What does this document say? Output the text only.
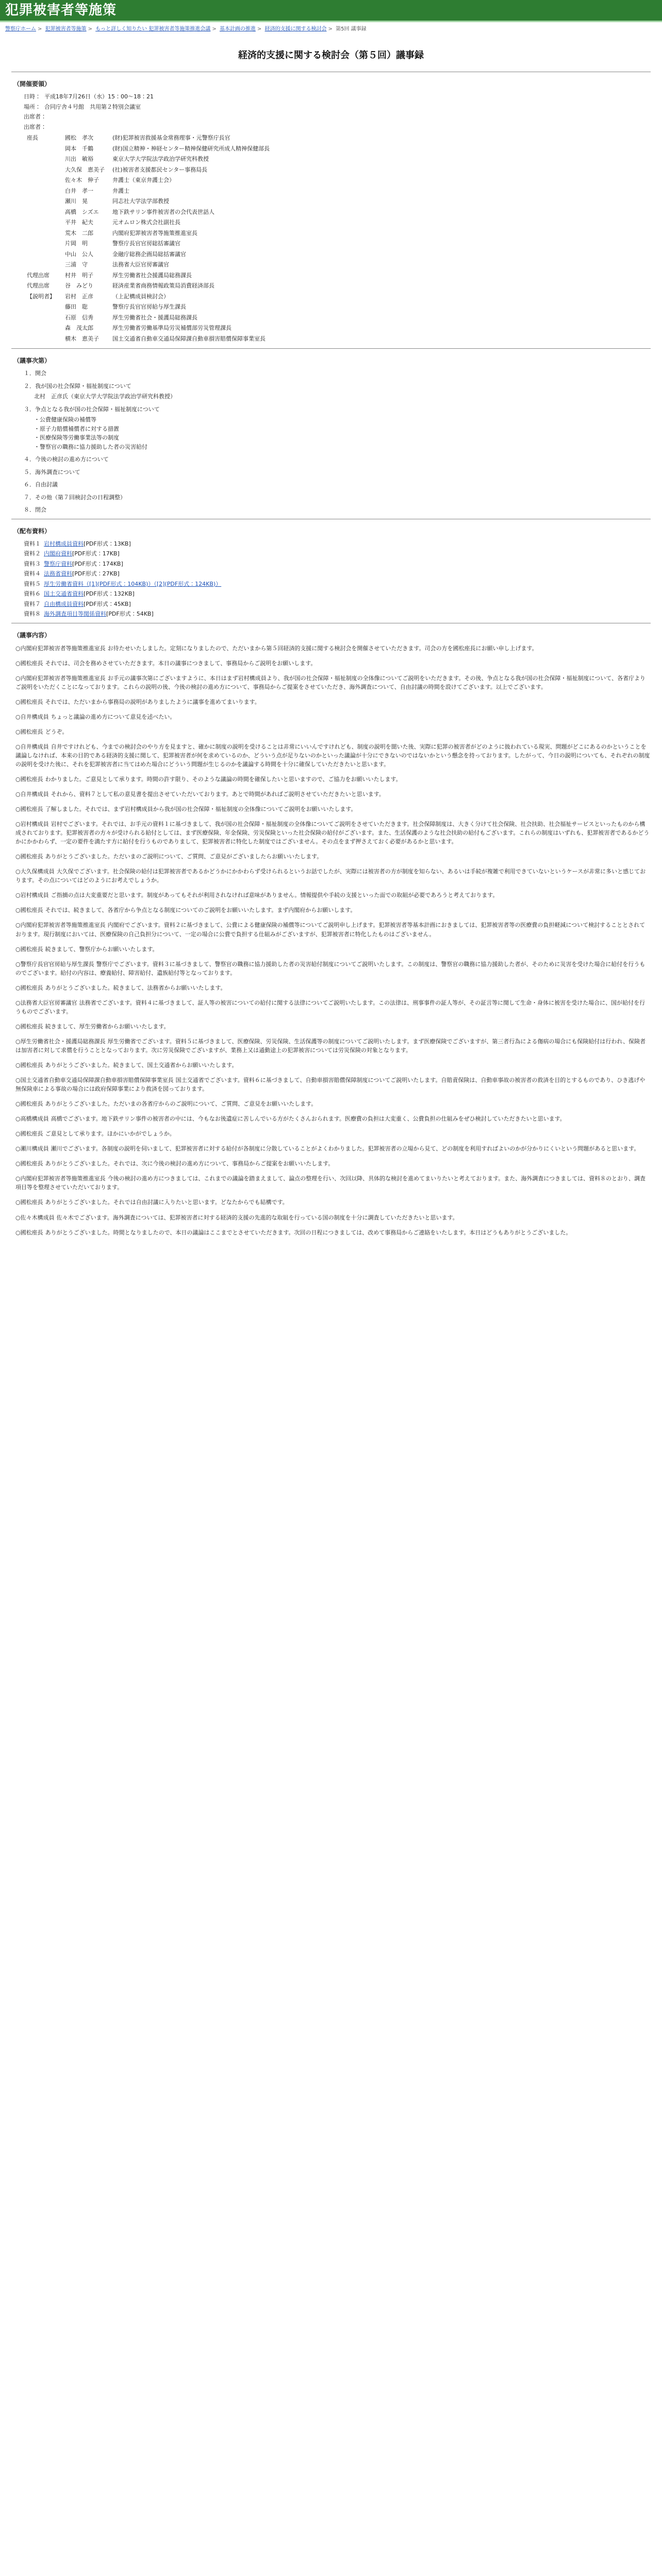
犯罪被害者等施策
警察庁ホーム > 犯罪被害者等施策 > もっと詳しく知りたい 犯罪被害者等施策推進会議 > 基本計画の推進 > 経済的支援に関する検討会 > 第5回 議事録
経済的支援に関する検討会（第５回）議事録
（開催要領）
日時： 平成18年7月26日（水）15：00〜18：21
場所： 合同庁舎４号館　共用第２特別会議室
出席者：
出席者：
座長	國松　孝次	(財)犯罪被害救援基金常務理事・元警察庁長官
	岡本　千鶴	(財)国立精神・神経センター精神保健研究所成人精神保健部長
	川出　敏裕	東京大学大学院法学政治学研究科教授
	大久保　恵美子	(社)被害者支援都民センター事務局長
	佐々木　伸子	弁護士（東京弁護士会）
	白井　孝一	弁護士
	瀬川　晃	同志社大学法学部教授
	高橋　シズエ	地下鉄サリン事件被害者の会代表世話人
	平井　紀夫	元オムロン株式会社副社長
	荒木　二郎	内閣府犯罪被害者等施策推進室長
	片岡　明	警察庁長官官房総括審議官
	中山　公人	金融庁総務企画局総括審議官
	三浦　守	法務省大臣官房審議官
代理出席	村井　明子	厚生労働省社会援護局総務課長
代理出席	谷　みどり	経済産業省商務情報政策局消費経済部長
【説明者】	岩村　正彦	（上記構成員検討会）
	藤田　聡	警察庁長官官房給与厚生課長
	石原　信秀	厚生労働省社会・援護局総務課長
	森　茂太郎	厚生労働省労働基準局労災補償部労災管理課長
	横木　恵美子	国土交通省自動車交通局保障課自動車損害賠償保障事業室長
（議事次第）
１．開会
２．我が国の社会保障・福祉制度について
北村　正彦氏（東京大学大学院法学政治学研究科教授）
３．争点となる我が国の社会保障・福祉制度について
・公費健康保険の補償等
・原子力賠償補償者に対する措置
・医療保険等労働事業法等の制度
・警察官の職務に協力援助した者の災害給付
４．今後の検討の進め方について
５．海外調査について
６．自由討議
７．その他（第７回検討会の日程調整）
８．閉会
（配布資料）
資料１ 岩村構成員資料[PDF形式：13KB]
資料２ 内閣府資料[PDF形式：17KB]
資料３ 警察庁資料[PDF形式：174KB]
資料４ 法務省資料[PDF形式：27KB]
資料５ 厚生労働省資料（[1](PDF形式：104KB)）（[2](PDF形式：124KB)）
資料６ 国土交通省資料[PDF形式：132KB]
資料７ 自由構成員資料[PDF形式：45KB]
資料８ 海外調査項目等関係資料[PDF形式：54KB]
（議事内容）

○内閣府犯罪被害者等施策推進室長 お待たせいたしました。定刻になりましたので、ただいまから第５回経済的支援に関する検討会を開催させていただきます。司会の方を國松座長にお願い申し上げます。

○國松座長 それでは、司会を務めさせていただきます。本日の議事につきまして、事務局からご説明をお願いします。

○内閣府犯罪被害者等施策推進室長 お手元の議事次第にございますように、本日はまず岩村構成員より、我が国の社会保障・福祉制度の全体像についてご説明をいただきます。その後、争点となる我が国の社会保障・福祉制度について、各省庁よりご説明をいただくことになっております。これらの説明の後、今後の検討の進め方について、事務局からご提案をさせていただき、海外調査について、自由討議の時間を設けてございます。以上でございます。

○國松座長 それでは、ただいまから事務局の説明がありましたように議事を進めてまいります。

○自井構成員 ちょっと議論の進め方について意見を述べたい。

○國松座長 どうぞ。

○自井構成員 自井ですけれども、今までの検討会のやり方を見ますと、確かに制度の説明を受けることは非常にいいんですけれども、制度の説明を聞いた後、実際に犯罪の被害者がどのように扱われている現実、問題がどこにあるのかということを議論しなければ、本来の目的である経済的支援に関して、犯罪被害者が何を求めているのか、どういう点が足りないのかといった議論が十分にできないのではないかという懸念を持っております。したがって、今日の説明についても、それぞれの制度の説明を受けた後に、それを犯罪被害者に当てはめた場合にどういう問題が生じるのかを議論する時間を十分に確保していただきたいと思います。

○國松座長 わかりました。ご意見として承ります。時間の許す限り、そのような議論の時間を確保したいと思いますので、ご協力をお願いいたします。

○自井構成員 それから、資料７として私の意見書を提出させていただいております。あとで時間があればご説明させていただきたいと思います。

○國松座長 了解しました。それでは、まず岩村構成員から我が国の社会保障・福祉制度の全体像についてご説明をお願いいたします。

○岩村構成員 岩村でございます。それでは、お手元の資料１に基づきまして、我が国の社会保障・福祉制度の全体像についてご説明をさせていただきます。社会保障制度は、大きく分けて社会保険、社会扶助、社会福祉サービスといったものから構成されております。犯罪被害者の方々が受けられる給付としては、まず医療保険、年金保険、労災保険といった社会保険の給付がございます。また、生活保護のような社会扶助の給付もございます。これらの制度はいずれも、犯罪被害者であるかどうかにかかわらず、一定の要件を満たす方に給付を行うものでありまして、犯罪被害者に特化した制度ではございません。その点をまず押さえておく必要があるかと思います。

○國松座長 ありがとうございました。ただいまのご説明について、ご質問、ご意見がございましたらお願いいたします。

○大久保構成員 大久保でございます。社会保険の給付は犯罪被害者であるかどうかにかかわらず受けられるというお話でしたが、実際には被害者の方が制度を知らない、あるいは手続が複雑で利用できていないというケースが非常に多いと感じております。その点についてはどのようにお考えでしょうか。

○岩村構成員 ご指摘の点は大変重要だと思います。制度があってもそれが利用されなければ意味がありません。情報提供や手続の支援といった面での取組が必要であろうと考えております。

○國松座長 それでは、続きまして、各省庁から争点となる制度についてのご説明をお願いいたします。まず内閣府からお願いします。

○内閣府犯罪被害者等施策推進室長 内閣府でございます。資料２に基づきまして、公費による健康保険の補償等についてご説明申し上げます。犯罪被害者等基本計画におきましては、犯罪被害者等の医療費の負担軽減について検討することとされております。現行制度においては、医療保険の自己負担分について、一定の場合に公費で負担する仕組みがございますが、犯罪被害者に特化したものはございません。

○國松座長 続きまして、警察庁からお願いいたします。

○警察庁長官官房給与厚生課長 警察庁でございます。資料３に基づきまして、警察官の職務に協力援助した者の災害給付制度についてご説明いたします。この制度は、警察官の職務に協力援助した者が、そのために災害を受けた場合に給付を行うものでございます。給付の内容は、療養給付、障害給付、遺族給付等となっております。

○國松座長 ありがとうございました。続きまして、法務省からお願いいたします。

○法務省大臣官房審議官 法務省でございます。資料４に基づきまして、証人等の被害についての給付に関する法律についてご説明いたします。この法律は、刑事事件の証人等が、その証言等に関して生命・身体に被害を受けた場合に、国が給付を行うものでございます。

○國松座長 続きまして、厚生労働省からお願いいたします。

○厚生労働省社会・援護局総務課長 厚生労働省でございます。資料５に基づきまして、医療保険、労災保険、生活保護等の制度についてご説明いたします。まず医療保険でございますが、第三者行為による傷病の場合にも保険給付は行われ、保険者は加害者に対して求償を行うこととなっております。次に労災保険でございますが、業務上又は通勤途上の犯罪被害については労災保険の対象となります。

○國松座長 ありがとうございました。続きまして、国土交通省からお願いいたします。

○国土交通省自動車交通局保障課自動車損害賠償保障事業室長 国土交通省でございます。資料６に基づきまして、自動車損害賠償保障制度についてご説明いたします。自賠責保険は、自動車事故の被害者の救済を目的とするものであり、ひき逃げや無保険車による事故の場合には政府保障事業により救済を図っております。

○國松座長 ありがとうございました。ただいまの各省庁からのご説明について、ご質問、ご意見をお願いいたします。

○高橋構成員 高橋でございます。地下鉄サリン事件の被害者の中には、今もなお後遺症に苦しんでいる方がたくさんおられます。医療費の負担は大変重く、公費負担の仕組みをぜひ検討していただきたいと思います。

○國松座長 ご意見として承ります。ほかにいかがでしょうか。

○瀬川構成員 瀬川でございます。各制度の説明を伺いまして、犯罪被害者に対する給付が各制度に分散していることがよくわかりました。犯罪被害者の立場から見て、どの制度を利用すればよいのかが分かりにくいという問題があると思います。

○國松座長 ありがとうございました。それでは、次に今後の検討の進め方について、事務局からご提案をお願いいたします。

○内閣府犯罪被害者等施策推進室長 今後の検討の進め方につきましては、これまでの議論を踏まえまして、論点の整理を行い、次回以降、具体的な検討を進めてまいりたいと考えております。また、海外調査につきましては、資料８のとおり、調査項目等を整理させていただいております。

○國松座長 ありがとうございました。それでは自由討議に入りたいと思います。どなたからでも結構です。

○佐々木構成員 佐々木でございます。海外調査については、犯罪被害者に対する経済的支援の先進的な取組を行っている国の制度を十分に調査していただきたいと思います。

○國松座長 ありがとうございました。時間となりましたので、本日の議論はここまでとさせていただきます。次回の日程につきましては、改めて事務局からご連絡をいたします。本日はどうもありがとうございました。
